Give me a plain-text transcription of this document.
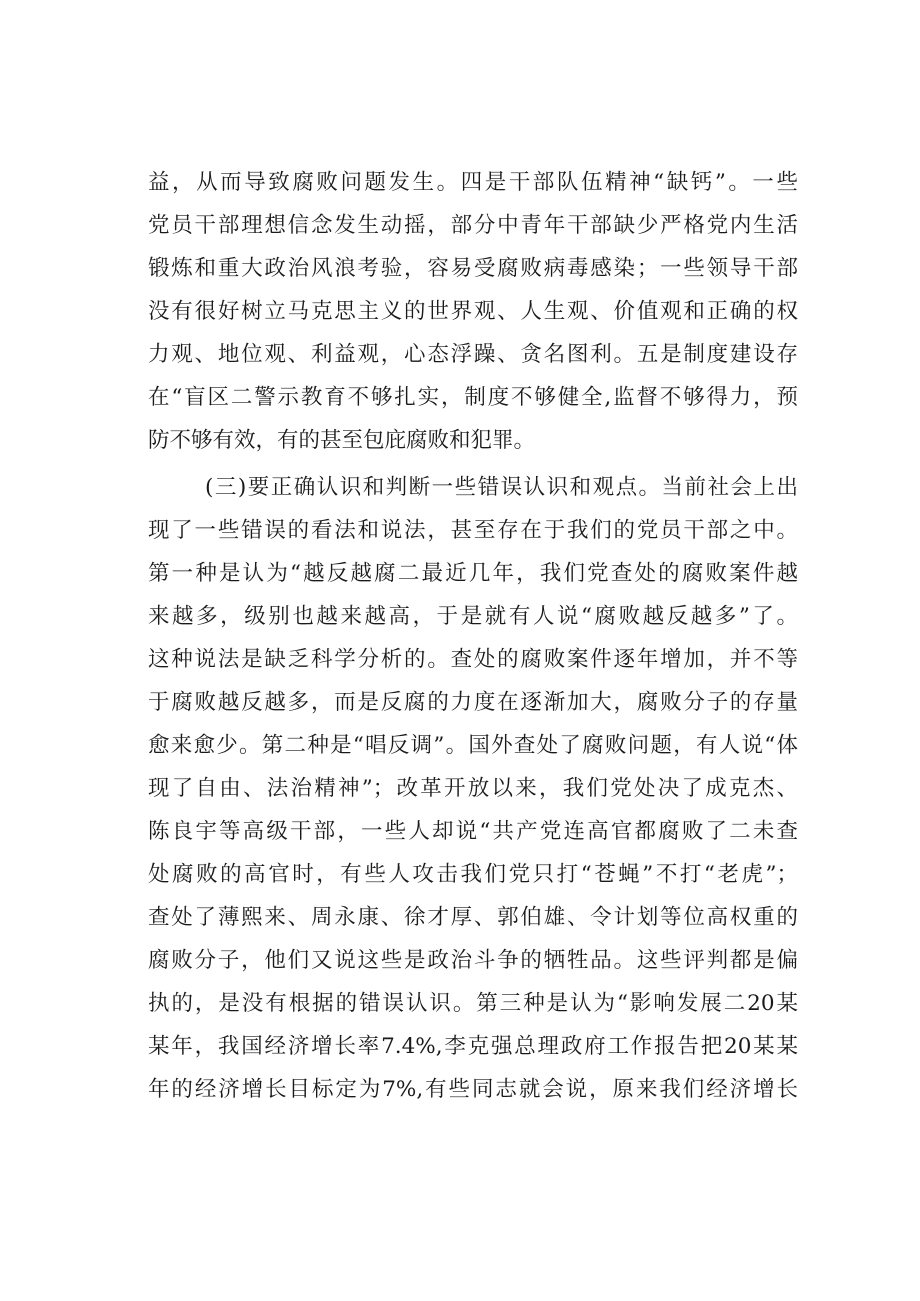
益，从而导致腐败问题发生。四是干部队伍精神“缺钙”。一些
党员干部理想信念发生动摇，部分中青年干部缺少严格党内生活
锻炼和重大政治风浪考验，容易受腐败病毒感染；一些领导干部
没有很好树立马克思主义的世界观、人生观、价值观和正确的权
力观、地位观、利益观，心态浮躁、贪名图利。五是制度建设存
在“盲区二警示教育不够扎实，制度不够健全,监督不够得力，预
防不够有效，有的甚至包庇腐败和犯罪。
(三)要正确认识和判断一些错误认识和观点。当前社会上出
现了一些错误的看法和说法，甚至存在于我们的党员干部之中。
第一种是认为“越反越腐二最近几年，我们党查处的腐败案件越
来越多，级别也越来越高，于是就有人说“腐败越反越多”了。
这种说法是缺乏科学分析的。查处的腐败案件逐年增加，并不等
于腐败越反越多，而是反腐的力度在逐渐加大，腐败分子的存量
愈来愈少。第二种是“唱反调”。国外查处了腐败问题，有人说“体
现了自由、法治精神”；改革开放以来，我们党处决了成克杰、
陈良宇等高级干部，一些人却说“共产党连高官都腐败了二未查
处腐败的高官时，有些人攻击我们党只打“苍蝇”不打“老虎”；
查处了薄熙来、周永康、徐才厚、郭伯雄、令计划等位高权重的
腐败分子，他们又说这些是政治斗争的牺牲品。这些评判都是偏
执的，是没有根据的错误认识。第三种是认为“影响发展二20某
某年，我国经济增长率7.4%,李克强总理政府工作报告把20某某
年的经济增长目标定为7%,有些同志就会说，原来我们经济增长
